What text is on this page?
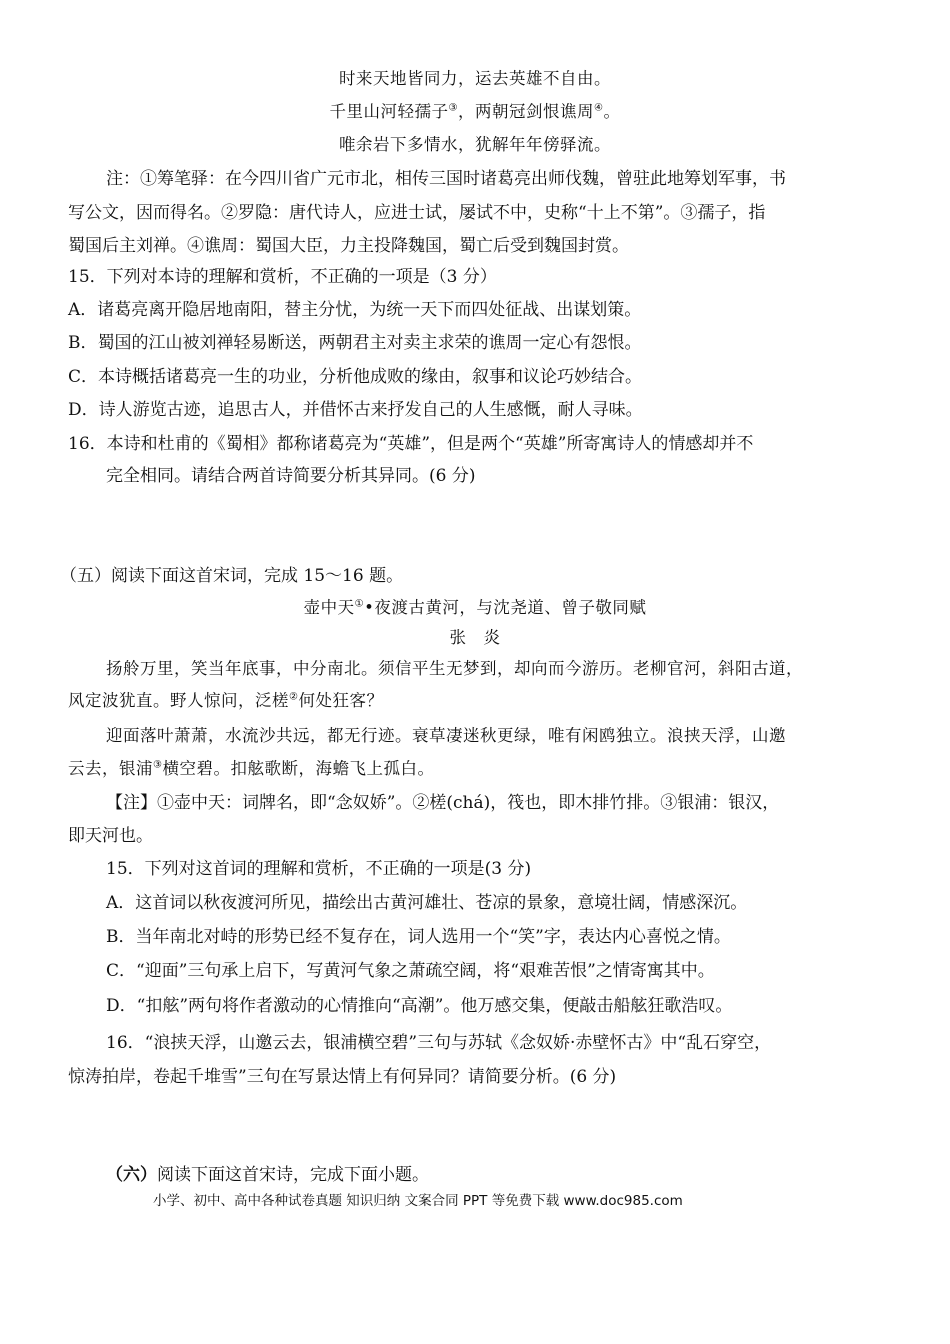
时来天地皆同力，运去英雄不自由。
千里山河轻孺子③，两朝冠剑恨谯周④。
唯余岩下多情水，犹解年年傍驿流。
注：①筹笔驿：在今四川省广元市北，相传三国时诸葛亮出师伐魏，曾驻此地筹划军事，书
写公文，因而得名。②罗隐：唐代诗人，应进士试，屡试不中，史称“十上不第”。③孺子，指
蜀国后主刘禅。④谯周：蜀国大臣，力主投降魏国，蜀亡后受到魏国封赏。
15．下列对本诗的理解和赏析，不正确的一项是（3 分）
A．诸葛亮离开隐居地南阳，替主分忧，为统一天下而四处征战、出谋划策。
B．蜀国的江山被刘禅轻易断送，两朝君主对卖主求荣的谯周一定心有怨恨。
C．本诗概括诸葛亮一生的功业，分析他成败的缘由，叙事和议论巧妙结合。
D．诗人游览古迹，追思古人，并借怀古来抒发自己的人生感慨，耐人寻味。
16．本诗和杜甫的《蜀相》都称诸葛亮为“英雄”，但是两个“英雄”所寄寓诗人的情感却并不
完全相同。请结合两首诗简要分析其异同。(6 分)
（五）阅读下面这首宋词，完成 15～16 题。
壶中天①•夜渡古黄河，与沈尧道、曾子敬同赋
张　炎
扬舲万里，笑当年底事，中分南北。须信平生无梦到，却向而今游历。老柳官河，斜阳古道，
风定波犹直。野人惊问，泛槎②何处狂客？
迎面落叶萧萧，水流沙共远，都无行迹。衰草凄迷秋更绿，唯有闲鸥独立。浪挟天浮，山邀
云去，银浦③横空碧。扣舷歌断，海蟾飞上孤白。
【注】①壶中天：词牌名，即“念奴娇”。②槎(chá)，筏也，即木排竹排。③银浦：银汉，
即天河也。
15．下列对这首词的理解和赏析，不正确的一项是(3 分)
A．这首词以秋夜渡河所见，描绘出古黄河雄壮、苍凉的景象，意境壮阔，情感深沉。
B．当年南北对峙的形势已经不复存在，词人选用一个“笑”字，表达内心喜悦之情。
C．“迎面”三句承上启下，写黄河气象之萧疏空阔，将“艰难苦恨”之情寄寓其中。
D．“扣舷”两句将作者激动的心情推向“高潮”。他万感交集，便敲击船舷狂歌浩叹。
16．“浪挟天浮，山邀云去，银浦横空碧”三句与苏轼《念奴娇·赤壁怀古》中“乱石穿空，
惊涛拍岸，卷起千堆雪”三句在写景达情上有何异同？请简要分析。(6 分)
（六）阅读下面这首宋诗，完成下面小题。
小学、初中、高中各种试卷真题 知识归纳 文案合同 PPT 等免费下载 www.doc985.com
